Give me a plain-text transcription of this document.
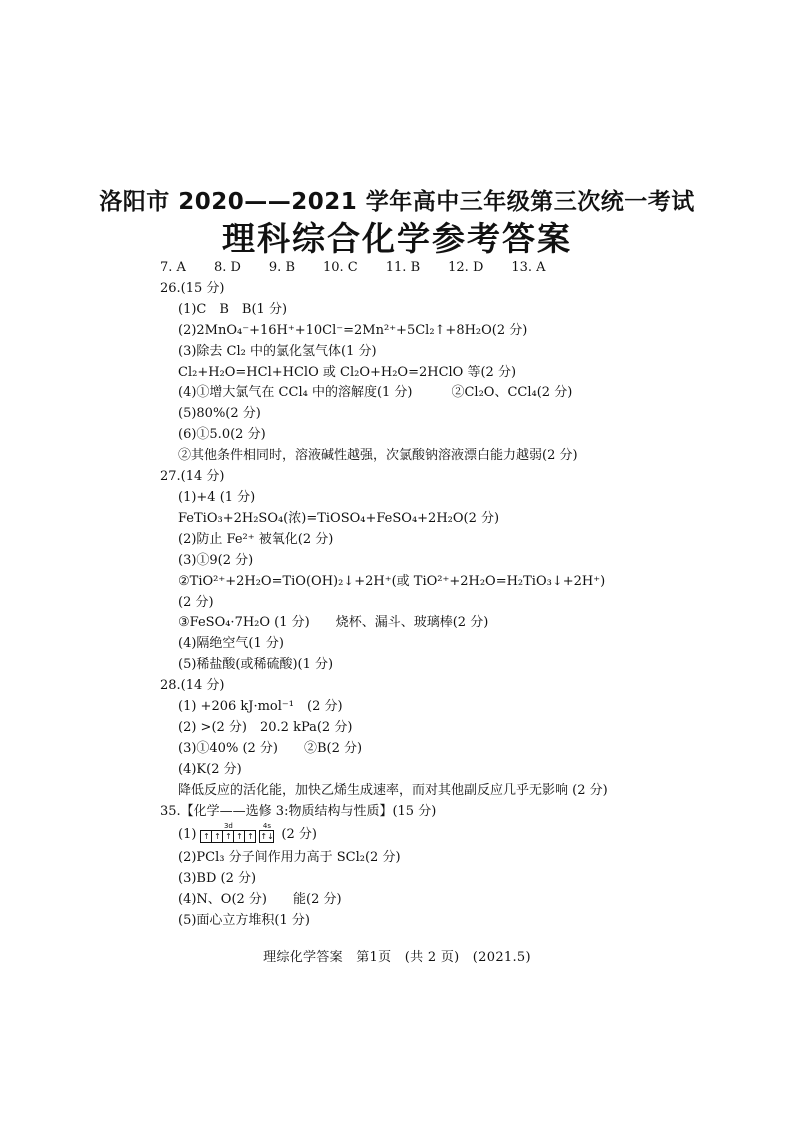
洛阳市 2020——2021 学年高中三年级第三次统一考试
理科综合化学参考答案
7. A 8. D 9. B 10. C 11. B 12. D 13. A
26.(15 分)
(1)C　B　B(1 分)
(2)2MnO₄⁻+16H⁺+10Cl⁻=2Mn²⁺+5Cl₂↑+8H₂O(2 分)
(3)除去 Cl₂ 中的氯化氢气体(1 分)
Cl₂+H₂O=HCl+HClO 或 Cl₂O+H₂O=2HClO 等(2 分)
(4)①增大氯气在 CCl₄ 中的溶解度(1 分)　　　②Cl₂O、CCl₄(2 分)
(5)80%(2 分)
(6)①5.0(2 分)
②其他条件相同时，溶液碱性越强，次氯酸钠溶液漂白能力越弱(2 分)
27.(14 分)
(1)+4 (1 分)
FeTiO₃+2H₂SO₄(浓)=TiOSO₄+FeSO₄+2H₂O(2 分)
(2)防止 Fe²⁺ 被氧化(2 分)
(3)①9(2 分)
②TiO²⁺+2H₂O=TiO(OH)₂↓+2H⁺(或 TiO²⁺+2H₂O=H₂TiO₃↓+2H⁺)
(2 分)
③FeSO₄·7H₂O (1 分)　　烧杯、漏斗、玻璃棒(2 分)
(4)隔绝空气(1 分)
(5)稀盐酸(或稀硫酸)(1 分)
28.(14 分)
(1) +206 kJ·mol⁻¹　(2 分)
(2) >(2 分)　20.2 kPa(2 分)
(3)①40% (2 分)　　②B(2 分)
(4)K(2 分)
降低反应的活化能，加快乙烯生成速率，而对其他副反应几乎无影响 (2 分)
35.【化学——选修 3:物质结构与性质】(15 分)
(1)
3d
↑ ↑ ↑ ↑ ↑
4s
↑↓ (2 分)
(2)PCl₃ 分子间作用力高于 SCl₂(2 分)
(3)BD (2 分)
(4)N、O(2 分)　　能(2 分)
(5)面心立方堆积(1 分)
理综化学答案　第1页　(共 2 页)　(2021.5)
